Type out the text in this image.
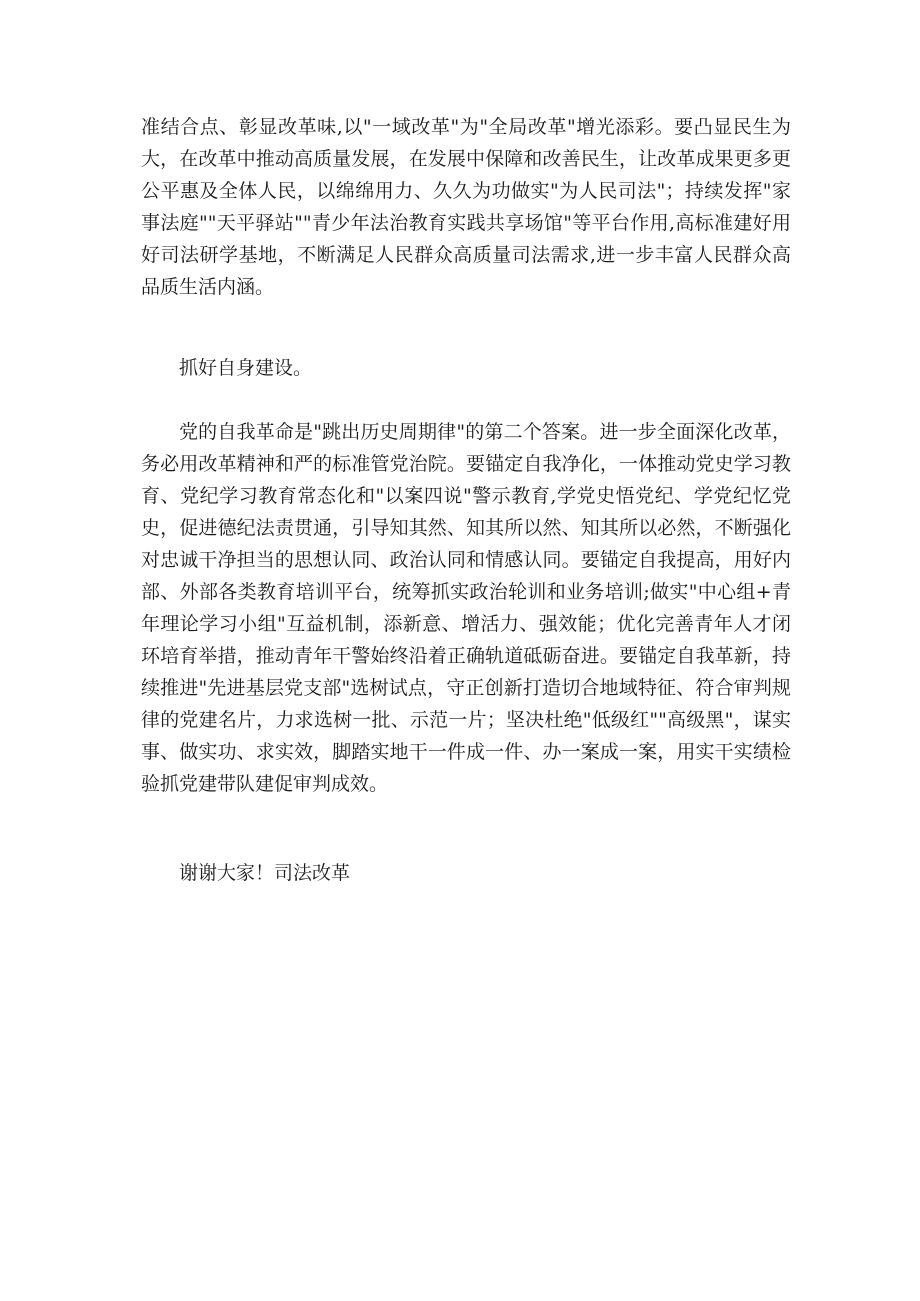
准结合点、彰显改革味,以"一域改革"为"全局改革"增光添彩。要凸显民生为大，在改革中推动高质量发展，在发展中保障和改善民生，让改革成果更多更公平惠及全体人民，以绵绵用力、久久为功做实"为人民司法"；持续发挥"家事法庭""天平驿站""青少年法治教育实践共享场馆"等平台作用,高标准建好用好司法研学基地，不断满足人民群众高质量司法需求,进一步丰富人民群众高品质生活内涵。

抓好自身建设。

党的自我革命是"跳出历史周期律"的第二个答案。进一步全面深化改革，务必用改革精神和严的标准管党治院。要锚定自我净化，一体推动党史学习教育、党纪学习教育常态化和"以案四说"警示教育,学党史悟党纪、学党纪忆党史，促进德纪法责贯通，引导知其然、知其所以然、知其所以必然，不断强化对忠诚干净担当的思想认同、政治认同和情感认同。要锚定自我提高，用好内部、外部各类教育培训平台，统筹抓实政治轮训和业务培训;做实"中心组+青年理论学习小组"互益机制，添新意、增活力、强效能；优化完善青年人才闭环培育举措，推动青年干警始终沿着正确轨道砥砺奋进。要锚定自我革新，持续推进"先进基层党支部"选树试点，守正创新打造切合地域特征、符合审判规律的党建名片，力求选树一批、示范一片；坚决杜绝"低级红""高级黑"，谋实事、做实功、求实效，脚踏实地干一件成一件、办一案成一案，用实干实绩检验抓党建带队建促审判成效。

谢谢大家！司法改革
